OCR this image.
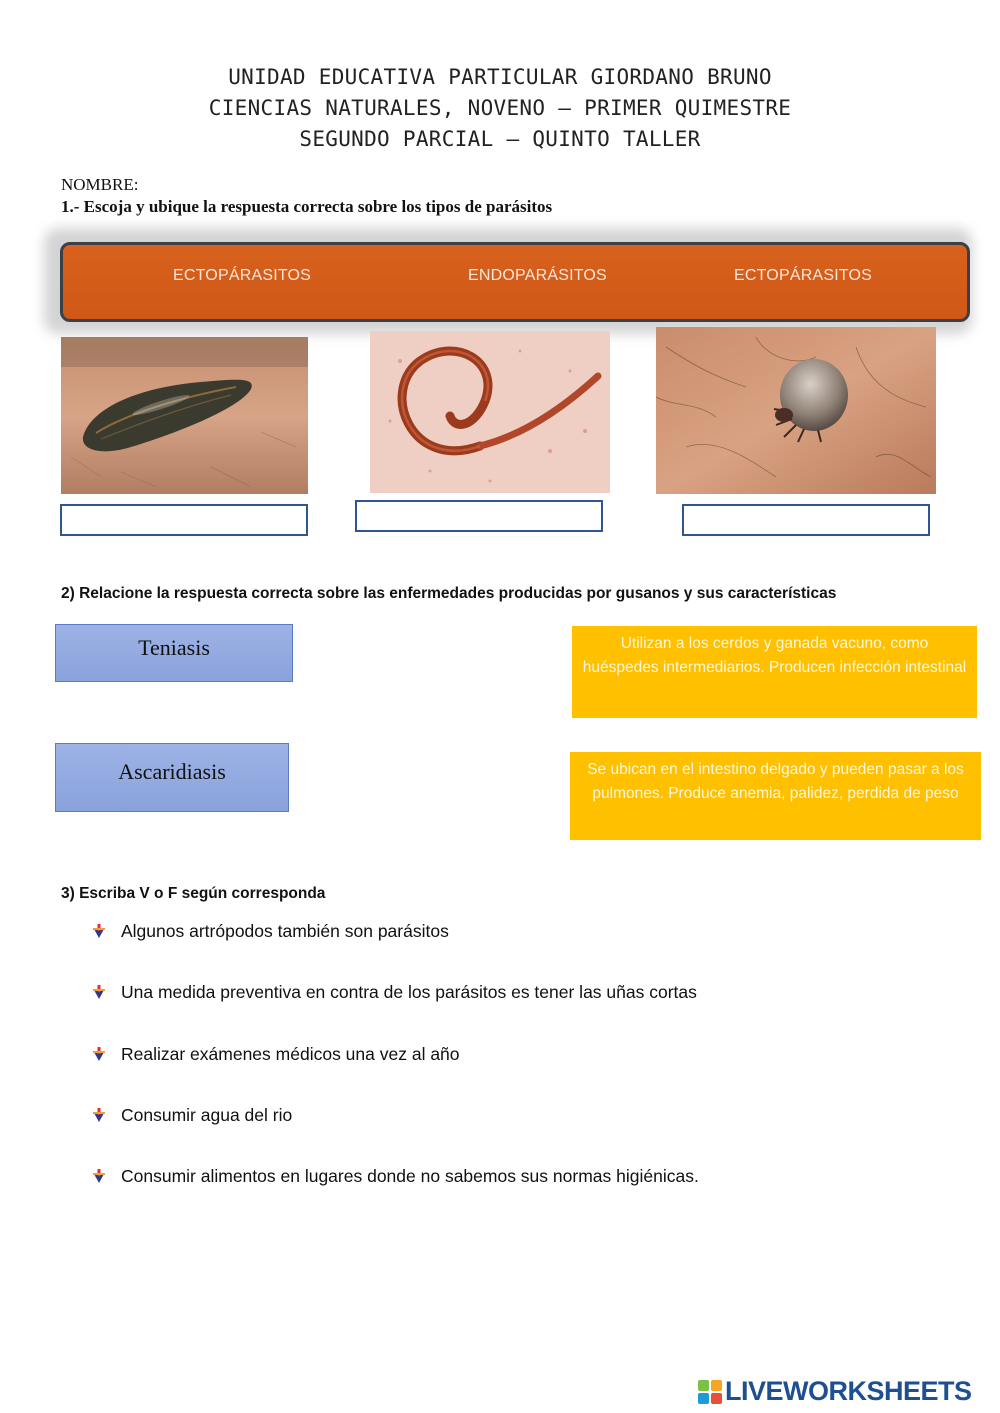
UNIDAD EDUCATIVA PARTICULAR GIORDANO BRUNO
CIENCIAS NATURALES, NOVENO – PRIMER QUIMESTRE
SEGUNDO PARCIAL – QUINTO TALLER
NOMBRE:
1.- Escoja y ubique la respuesta correcta sobre los tipos de parásitos
ECTOPÁRASITOS	ENDOPARÁSITOS	ECTOPÁRASITOS
2) Relacione la respuesta correcta sobre las enfermedades producidas por gusanos y sus características
Teniasis
Ascaridiasis
Utilizan a los cerdos y ganada vacuno, como huéspedes intermediarios. Producen infección intestinal
Se ubican en el intestino delgado y pueden pasar a los pulmones. Produce anemia, palidez, perdida de peso
3) Escriba V o F según corresponda
Algunos artrópodos también son parásitos
Una medida preventiva en contra de los parásitos es tener las uñas cortas
Realizar exámenes médicos una vez al año
Consumir agua del rio
Consumir alimentos en lugares donde no sabemos sus normas higiénicas.
LIVEWORKSHEETS
